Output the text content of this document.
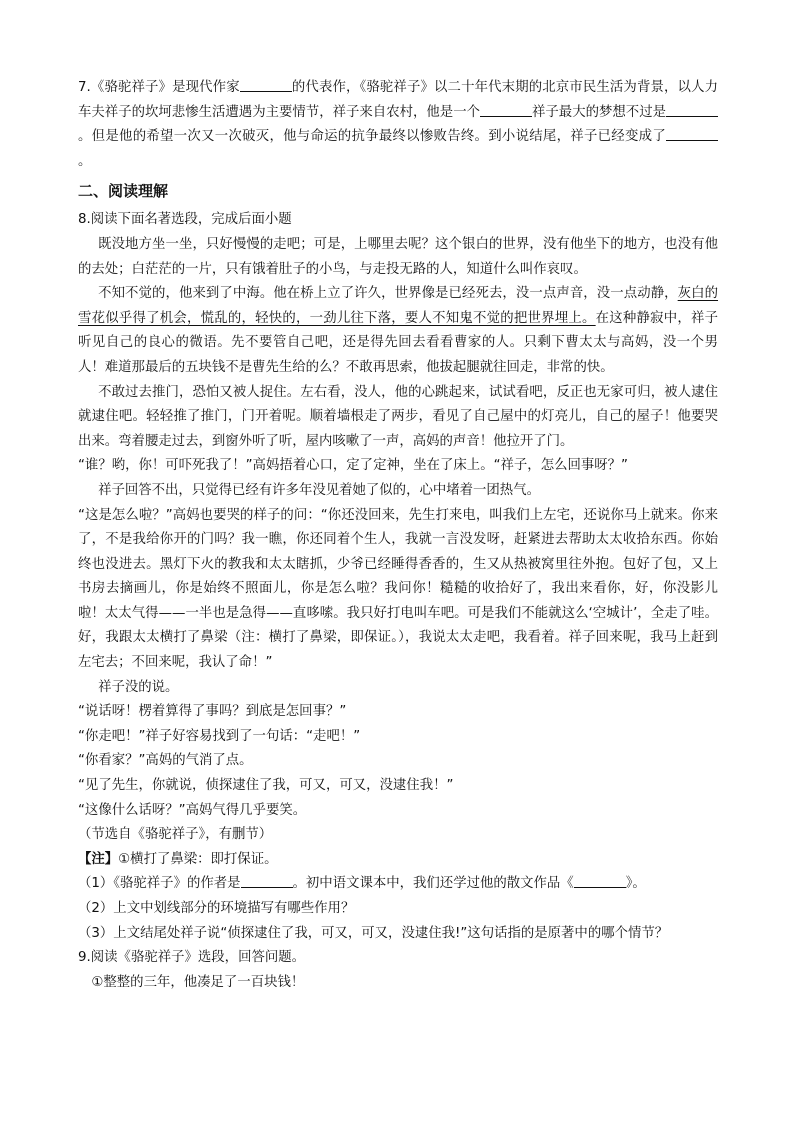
7.《骆驼祥子》是现代作家	的代表作，《骆驼祥子》以二十年代末期的北京市民生活为背景，以人力车夫祥子的坎坷悲惨生活遭遇为主要情节，祥子来自农村，他是一个	祥子最大的梦想不过是。但是他的希望一次又一次破灭，他与命运的抗争最终以惨败告终。到小说结尾，祥子已经变成了。

二、阅读理解

8.阅读下面名著选段，完成后面小题

既没地方坐一坐，只好慢慢的走吧；可是，上哪里去呢？这个银白的世界，没有他坐下的地方，也没有他的去处；白茫茫的一片，只有饿着肚子的小鸟，与走投无路的人，知道什么叫作哀叹。

不知不觉的，他来到了中海。他在桥上立了许久，世界像是已经死去，没一点声音，没一点动静，灰白的雪花似乎得了机会，慌乱的，轻快的，一劲儿往下落，要人不知鬼不觉的把世界埋上。在这种静寂中，祥子听见自己的良心的微语。先不要管自己吧，还是得先回去看看曹家的人。只剩下曹太太与高妈，没一个男人！难道那最后的五块钱不是曹先生给的么？不敢再思索，他拔起腿就往回走，非常的快。

不敢过去推门，恐怕又被人捉住。左右看，没人，他的心跳起来，试试看吧，反正也无家可归，被人逮住就逮住吧。轻轻推了推门，门开着呢。顺着墙根走了两步，看见了自己屋中的灯亮儿，自己的屋子！他要哭出来。弯着腰走过去，到窗外听了听，屋内咳嗽了一声，高妈的声音！他拉开了门。

“谁？哟，你！可吓死我了！”高妈捂着心口，定了定神，坐在了床上。“祥子，怎么回事呀？”

祥子回答不出，只觉得已经有许多年没见着她了似的，心中堵着一团热气。

“这是怎么啦？”高妈也要哭的样子的问：“你还没回来，先生打来电，叫我们上左宅，还说你马上就来。你来了，不是我给你开的门吗？我一瞧，你还同着个生人，我就一言没发呀，赶紧进去帮助太太收拾东西。你始终也没进去。黑灯下火的教我和太太瞎抓，少爷已经睡得香香的，生又从热被窝里往外抱。包好了包，又上书房去摘画儿，你是始终不照面儿，你是怎么啦？我问你！糙糙的收拾好了，我出来看你，好，你没影儿啦！太太气得——一半也是急得——直哆嗦。我只好打电叫车吧。可是我们不能就这么‘空城计’，全走了哇。好，我跟太太横打了鼻梁（注：横打了鼻梁，即保证。），我说太太走吧，我看着。祥子回来呢，我马上赶到左宅去；不回来呢，我认了命！”

祥子没的说。

“说话呀！楞着算得了事吗？到底是怎回事？”

“你走吧！”祥子好容易找到了一句话：“走吧！”

“你看家？”高妈的气消了点。

“见了先生，你就说，侦探逮住了我，可又，可又，没逮住我！”

“这像什么话呀？”高妈气得几乎要笑。

（节选自《骆驼祥子》，有删节）

【注】①横打了鼻梁：即打保证。

（1）《骆驼祥子》的作者是	。初中语文课本中，我们还学过他的散文作品《	》。

（2）上文中划线部分的环境描写有哪些作用？

（3）上文结尾处祥子说“侦探逮住了我，可又，可又，没逮住我!”这句话指的是原著中的哪个情节？

9.阅读《骆驼祥子》选段，回答问题。

①整整的三年，他凑足了一百块钱！
